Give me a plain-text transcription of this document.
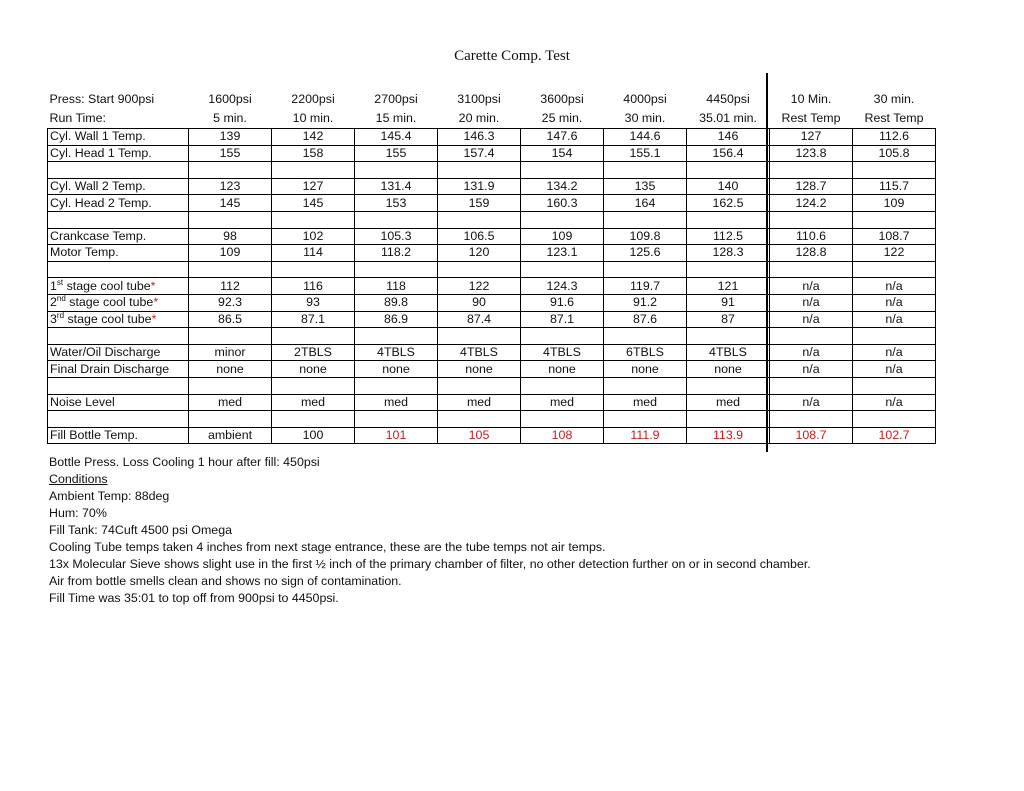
Carette Comp. Test
Press: Start 900psi	1600psi	2200psi	2700psi	3100psi	3600psi	4000psi	4450psi	10 Min.	30 min.
Run Time:	5 min.	10 min.	15 min.	20 min.	25 min.	30 min.	35.01 min.	Rest Temp	Rest Temp
Cyl. Wall 1 Temp.	139	142	145.4	146.3	147.6	144.6	146	127	112.6
Cyl. Head 1 Temp.	155	158	155	157.4	154	155.1	156.4	123.8	105.8

Cyl. Wall 2 Temp.	123	127	131.4	131.9	134.2	135	140	128.7	115.7
Cyl. Head 2 Temp.	145	145	153	159	160.3	164	162.5	124.2	109

Crankcase Temp.	98	102	105.3	106.5	109	109.8	112.5	110.6	108.7
Motor Temp.	109	114	118.2	120	123.1	125.6	128.3	128.8	122

1st stage cool tube*	112	116	118	122	124.3	119.7	121	n/a	n/a
2nd stage cool tube*	92.3	93	89.8	90	91.6	91.2	91	n/a	n/a
3rd stage cool tube*	86.5	87.1	86.9	87.4	87.1	87.6	87	n/a	n/a

Water/Oil Discharge	minor	2TBLS	4TBLS	4TBLS	4TBLS	6TBLS	4TBLS	n/a	n/a
Final Drain Discharge	none	none	none	none	none	none	none	n/a	n/a

Noise Level	med	med	med	med	med	med	med	n/a	n/a

Fill Bottle Temp.	ambient	100	101	105	108	111.9	113.9	108.7	102.7
Bottle Press. Loss Cooling 1 hour after fill: 450psi
Conditions
Ambient Temp: 88deg
Hum: 70%
Fill Tank: 74Cuft 4500 psi Omega
Cooling Tube temps taken 4 inches from next stage entrance, these are the tube temps not air temps.
13x Molecular Sieve shows slight use in the first ½ inch of the primary chamber of filter, no other detection further on or in second chamber.
Air from bottle smells clean and shows no sign of contamination.
Fill Time was 35:01 to top off from 900psi to 4450psi.
